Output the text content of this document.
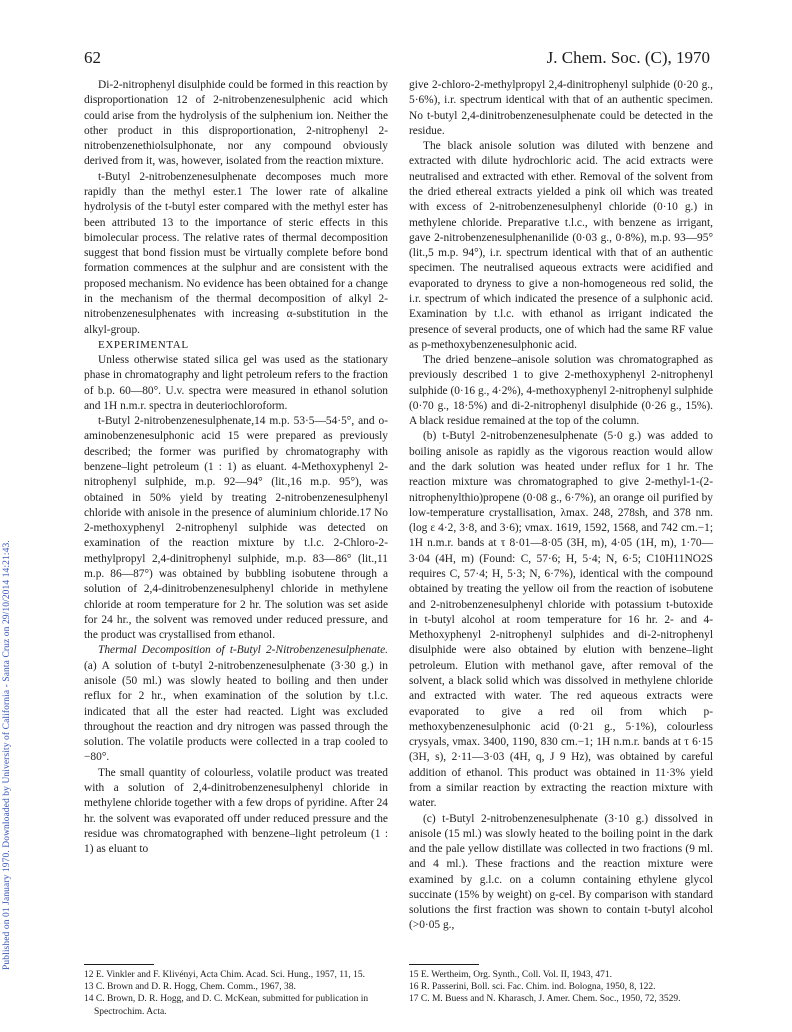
62	J. Chem. Soc. (C), 1970
Published on 01 January 1970. Downloaded by University of California - Santa Cruz on 29/10/2014 14:21:43.

Di-2-nitrophenyl disulphide could be formed in this reaction by disproportionation 12 of 2-nitrobenzenesulphenic acid which could arise from the hydrolysis of the sulphenium ion. Neither the other product in this disproportionation, 2-nitrophenyl 2-nitrobenzenethiolsulphonate, nor any compound obviously derived from it, was, however, isolated from the reaction mixture.

t-Butyl 2-nitrobenzenesulphenate decomposes much more rapidly than the methyl ester.1 The lower rate of alkaline hydrolysis of the t-butyl ester compared with the methyl ester has been attributed 13 to the importance of steric effects in this bimolecular process. The relative rates of thermal decomposition suggest that bond fission must be virtually complete before bond formation commences at the sulphur and are consistent with the proposed mechanism. No evidence has been obtained for a change in the mechanism of the thermal decomposition of alkyl 2-nitrobenzenesulphenates with increasing α-substitution in the alkyl-group.

EXPERIMENTAL

Unless otherwise stated silica gel was used as the stationary phase in chromatography and light petroleum refers to the fraction of b.p. 60—80°. U.v. spectra were measured in ethanol solution and 1H n.m.r. spectra in deuteriochloroform.

t-Butyl 2-nitrobenzenesulphenate,14 m.p. 53·5—54·5°, and o-aminobenzenesulphonic acid 15 were prepared as previously described; the former was purified by chromatography with benzene–light petroleum (1 : 1) as eluant. 4-Methoxyphenyl 2-nitrophenyl sulphide, m.p. 92—94° (lit.,16 m.p. 95°), was obtained in 50% yield by treating 2-nitrobenzenesulphenyl chloride with anisole in the presence of aluminium chloride.17 No 2-methoxyphenyl 2-nitrophenyl sulphide was detected on examination of the reaction mixture by t.l.c. 2-Chloro-2-methylpropyl 2,4-dinitrophenyl sulphide, m.p. 83—86° (lit.,11 m.p. 86—87°) was obtained by bubbling isobutene through a solution of 2,4-dinitrobenzenesulphenyl chloride in methylene chloride at room temperature for 2 hr. The solution was set aside for 24 hr., the solvent was removed under reduced pressure, and the product was crystallised from ethanol.

Thermal Decomposition of t-Butyl 2-Nitrobenzenesulphenate. (a) A solution of t-butyl 2-nitrobenzenesulphenate (3·30 g.) in anisole (50 ml.) was slowly heated to boiling and then under reflux for 2 hr., when examination of the solution by t.l.c. indicated that all the ester had reacted. Light was excluded throughout the reaction and dry nitrogen was passed through the solution. The volatile products were collected in a trap cooled to −80°.

The small quantity of colourless, volatile product was treated with a solution of 2,4-dinitrobenzenesulphenyl chloride in methylene chloride together with a few drops of pyridine. After 24 hr. the solvent was evaporated off under reduced pressure and the residue was chromatographed with benzene–light petroleum (1 : 1) as eluant to

give 2-chloro-2-methylpropyl 2,4-dinitrophenyl sulphide (0·20 g., 5·6%), i.r. spectrum identical with that of an authentic specimen. No t-butyl 2,4-dinitrobenzenesulphenate could be detected in the residue.

The black anisole solution was diluted with benzene and extracted with dilute hydrochloric acid. The acid extracts were neutralised and extracted with ether. Removal of the solvent from the dried ethereal extracts yielded a pink oil which was treated with excess of 2-nitrobenzenesulphenyl chloride (0·10 g.) in methylene chloride. Preparative t.l.c., with benzene as irrigant, gave 2-nitrobenzenesulphenanilide (0·03 g., 0·8%), m.p. 93—95° (lit.,5 m.p. 94°), i.r. spectrum identical with that of an authentic specimen. The neutralised aqueous extracts were acidified and evaporated to dryness to give a non-homogeneous red solid, the i.r. spectrum of which indicated the presence of a sulphonic acid. Examination by t.l.c. with ethanol as irrigant indicated the presence of several products, one of which had the same RF value as p-methoxybenzenesulphonic acid.

The dried benzene–anisole solution was chromatographed as previously described 1 to give 2-methoxyphenyl 2-nitrophenyl sulphide (0·16 g., 4·2%), 4-methoxyphenyl 2-nitrophenyl sulphide (0·70 g., 18·5%) and di-2-nitrophenyl disulphide (0·26 g., 15%). A black residue remained at the top of the column.

(b) t-Butyl 2-nitrobenzenesulphenate (5·0 g.) was added to boiling anisole as rapidly as the vigorous reaction would allow and the dark solution was heated under reflux for 1 hr. The reaction mixture was chromatographed to give 2-methyl-1-(2-nitrophenylthio)propene (0·08 g., 6·7%), an orange oil purified by low-temperature crystallisation, λmax. 248, 278sh, and 378 nm. (log ε 4·2, 3·8, and 3·6); νmax. 1619, 1592, 1568, and 742 cm.−1; 1H n.m.r. bands at τ 8·01—8·05 (3H, m), 4·05 (1H, m), 1·70—3·04 (4H, m) (Found: C, 57·6; H, 5·4; N, 6·5; C10H11NO2S requires C, 57·4; H, 5·3; N, 6·7%), identical with the compound obtained by treating the yellow oil from the reaction of isobutene and 2-nitrobenzenesulphenyl chloride with potassium t-butoxide in t-butyl alcohol at room temperature for 16 hr. 2- and 4-Methoxyphenyl 2-nitrophenyl sulphides and di-2-nitrophenyl disulphide were also obtained by elution with benzene–light petroleum. Elution with methanol gave, after removal of the solvent, a black solid which was dissolved in methylene chloride and extracted with water. The red aqueous extracts were evaporated to give a red oil from which p-methoxybenzenesulphonic acid (0·21 g., 5·1%), colourless crysyals, νmax. 3400, 1190, 830 cm.−1; 1H n.m.r. bands at τ 6·15 (3H, s), 2·11—3·03 (4H, q, J 9 Hz), was obtained by careful addition of ethanol. This product was obtained in 11·3% yield from a similar reaction by extracting the reaction mixture with water.

(c) t-Butyl 2-nitrobenzenesulphenate (3·10 g.) dissolved in anisole (15 ml.) was slowly heated to the boiling point in the dark and the pale yellow distillate was collected in two fractions (9 ml. and 4 ml.). These fractions and the reaction mixture were examined by g.l.c. on a column containing ethylene glycol succinate (15% by weight) on g-cel. By comparison with standard solutions the first fraction was shown to contain t-butyl alcohol (>0·05 g.,

12 E. Vinkler and F. Klivényi, Acta Chim. Acad. Sci. Hung., 1957, 11, 15.
13 C. Brown and D. R. Hogg, Chem. Comm., 1967, 38.
14 C. Brown, D. R. Hogg, and D. C. McKean, submitted for publication in Spectrochim. Acta.
15 E. Wertheim, Org. Synth., Coll. Vol. II, 1943, 471.
16 R. Passerini, Boll. sci. Fac. Chim. ind. Bologna, 1950, 8, 122.
17 C. M. Buess and N. Kharasch, J. Amer. Chem. Soc., 1950, 72, 3529.
